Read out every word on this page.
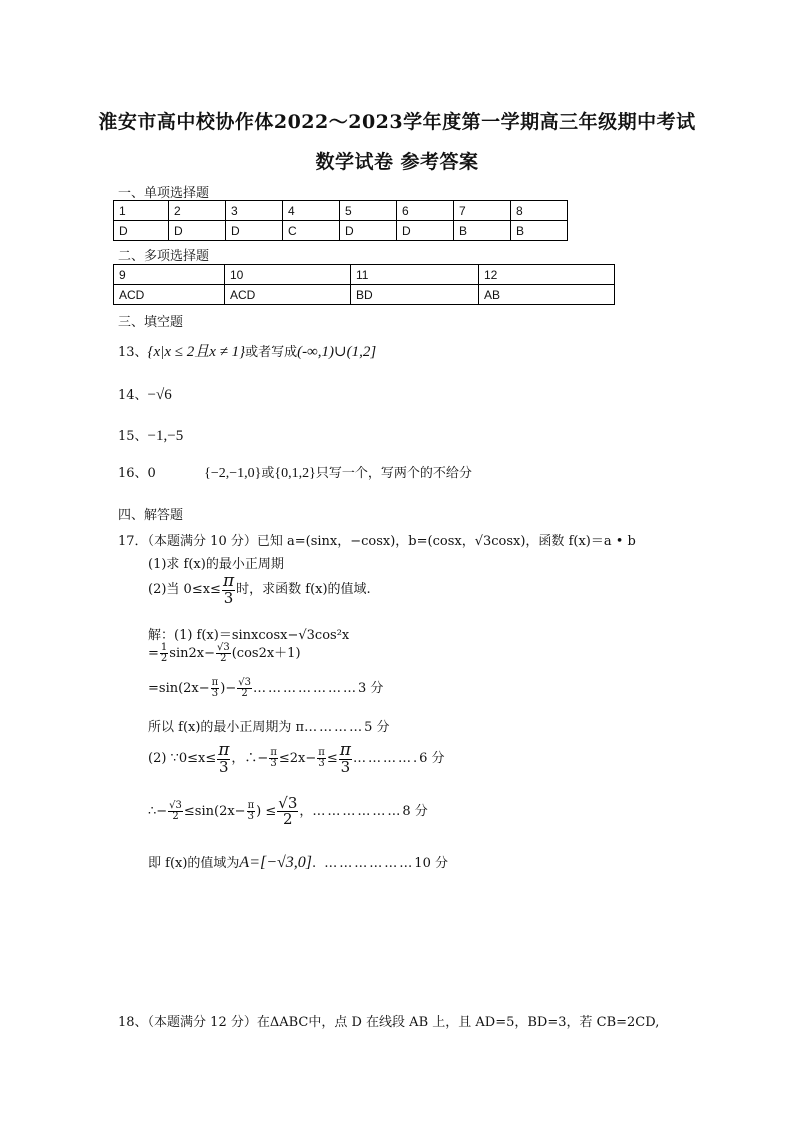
淮安市高中校协作体2022～2023学年度第一学期高三年级期中考试
数学试卷 参考答案
一、单项选择题
1	2	3	4	5	6	7	8
D	D	D	C	D	D	B	B
二、多项选择题
9	10	11	12
ACD	ACD	BD	AB
三、填空题
13、{x|x ≤ 2且x ≠ 1}或者写成(-∞,1)∪(1,2]
14、−√6
15、−1,−5
16、0	{−2,−1,0}或{0,1,2}只写一个，写两个的不给分
四、解答题
17．（本题满分 10 分）已知 a=(sinx，−cosx)，b=(cosx，√3cosx)，函数 f(x)＝a • b
(1)求 f(x)的最小正周期
(2)当 $0\le x\le \frac{\pi}{3}$ 时，求函数 f(x)的值域.
解：(1) f(x)＝sinxcosx−√3cos²x
= $\frac{1}{2} \sin 2x- \frac{√3}{2} (\cos 2x+1)$
$=\sin(2x- \frac{\pi}{3}$ )− $\frac{√3}{2}$ …………………3 分
所以 f(x)的最小正周期为 π…………5 分
(2) ∵0≤x≤ $\frac{\pi}{3}$ ，∴− $\frac{\pi}{3} \le 2x- \frac{\pi}{3} \le \frac{\pi}{3}$ ………….6 分
∴− $\frac{√3}{2} \le\sin(2x- \frac{\pi}{3}$ ) ≤ $\frac{√3}{2}$ ，………………8 分
即 f(x)的值域为A=[−√3,0]. ………………10 分
18、（本题满分 12 分）在ΔABC中，点 D 在线段 AB 上，且 AD=5，BD=3，若 CB=2CD,
